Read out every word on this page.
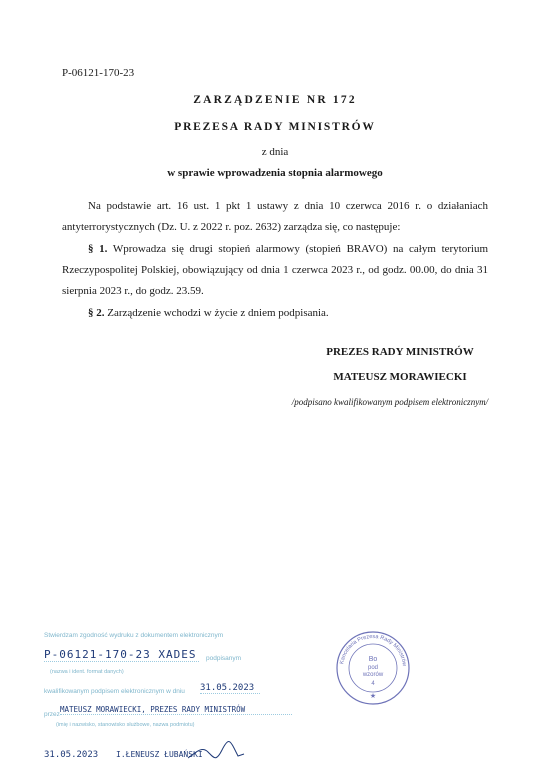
P-06121-170-23
ZARZĄDZENIE NR 172
PREZESA RADY MINISTRÓW
z dnia
w sprawie wprowadzenia stopnia alarmowego
Na podstawie art. 16 ust. 1 pkt 1 ustawy z dnia 10 czerwca 2016 r. o działaniach antyterrorystycznych (Dz. U. z 2022 r. poz. 2632) zarządza się, co następuje:
§ 1. Wprowadza się drugi stopień alarmowy (stopień BRAVO) na całym terytorium Rzeczypospolitej Polskiej, obowiązujący od dnia 1 czerwca 2023 r., od godz. 00.00, do dnia 31 sierpnia 2023 r., do godz. 23.59.
§ 2. Zarządzenie wchodzi w życie z dniem podpisania.
PREZES RADY MINISTRÓW
MATEUSZ MORAWIECKI
/podpisano kwalifikowanym podpisem elektronicznym/
Stwierdzam zgodność wydruku z dokumentem elektronicznym
P-06121-170-23 XADES	podpisanym
(nazwa i ident. format danych)
kwalifikowanym podpisem elektronicznym w dniu 31.05.2023
przez
MATEUSZ MORAWIECKI, PREZES RADY MINISTRÓW
(imię i nazwisko, stanowisko służbowe, nazwa podmiotu)
31.05.2023 I.ŁENEUSZ ŁUBAŃSKI
Kancelaria Prezesa Rady Ministrów
Bo
pod
wzorów
4
★
